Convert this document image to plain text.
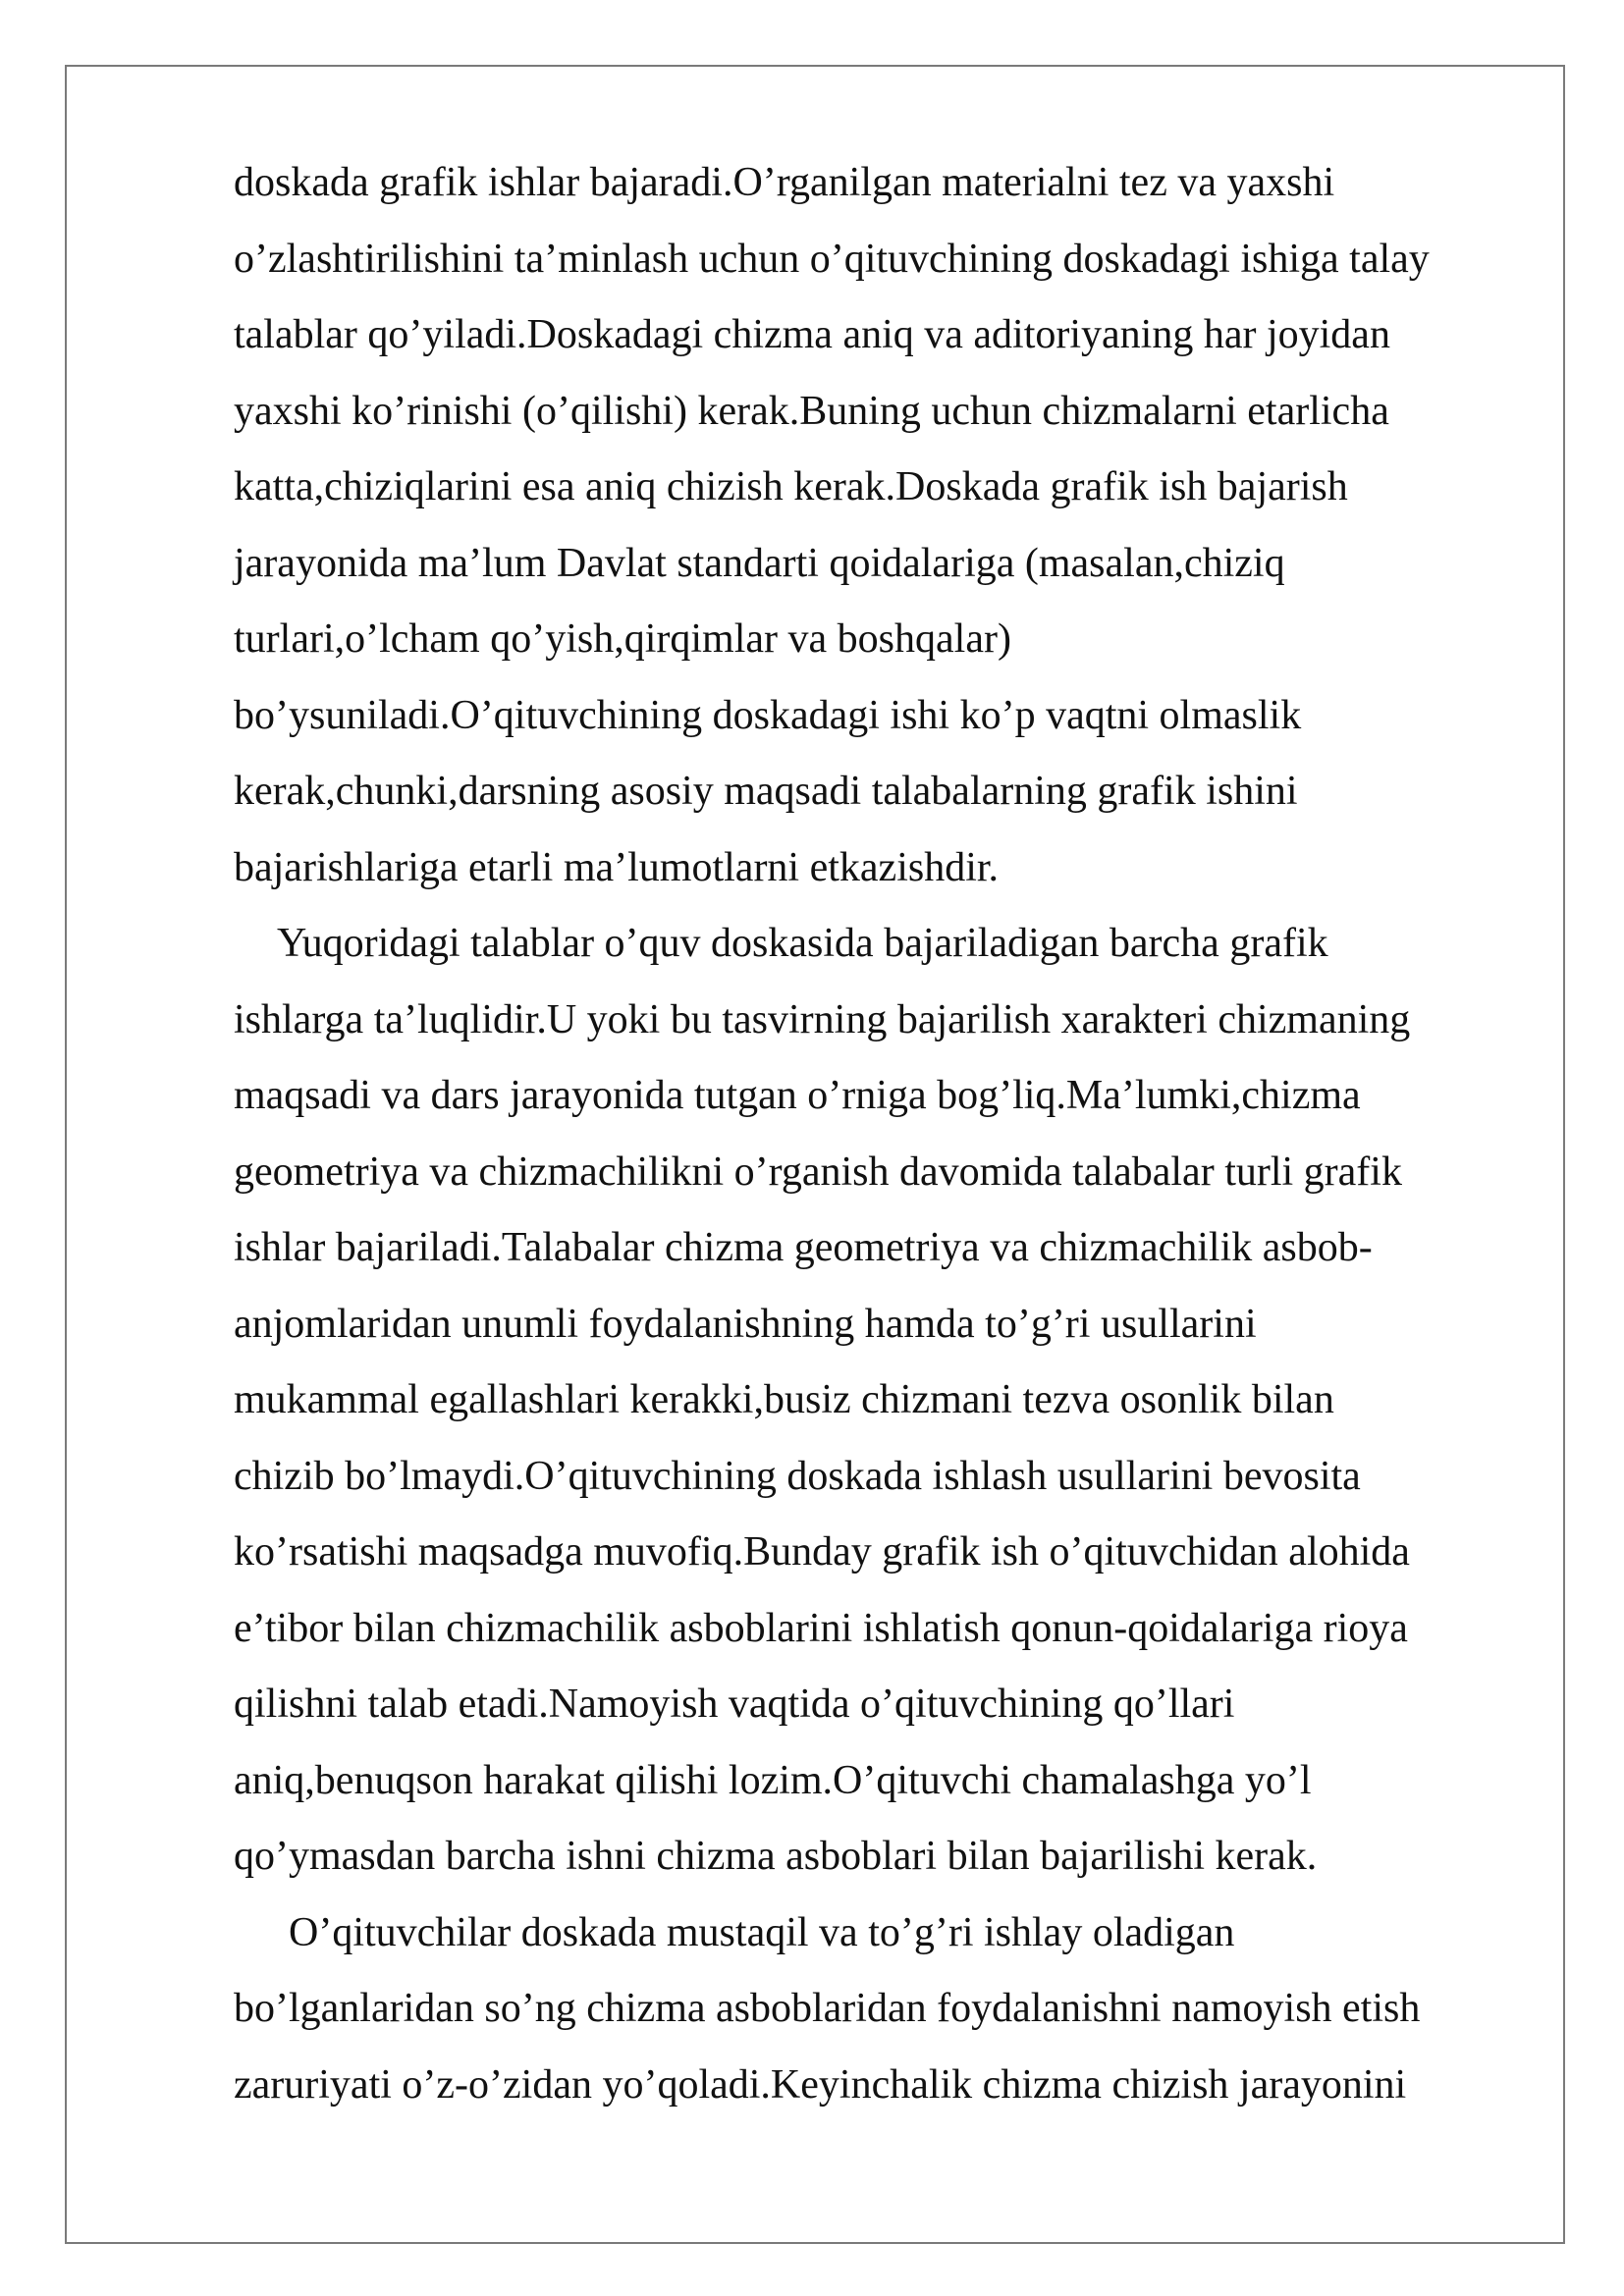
doskada grafik ishlar bajaradi.O’rganilgan materialni tez va yaxshi
o’zlashtirilishini ta’minlash uchun o’qituvchining doskadagi ishiga talay
talablar qo’yiladi.Doskadagi chizma aniq va aditoriyaning har joyidan
yaxshi ko’rinishi (o’qilishi) kerak.Buning uchun chizmalarni etarlicha
katta,chiziqlarini esa aniq chizish kerak.Doskada grafik ish bajarish
jarayonida ma’lum Davlat standarti qoidalariga (masalan,chiziq
turlari,o’lcham qo’yish,qirqimlar va boshqalar)
bo’ysuniladi.O’qituvchining doskadagi ishi ko’p vaqtni olmaslik
kerak,chunki,darsning asosiy maqsadi talabalarning grafik ishini
bajarishlariga etarli ma’lumotlarni etkazishdir.
Yuqoridagi talablar o’quv doskasida bajariladigan barcha grafik
ishlarga ta’luqlidir.U yoki bu tasvirning bajarilish xarakteri chizmaning
maqsadi va dars jarayonida tutgan o’rniga bog’liq.Ma’lumki,chizma
geometriya va chizmachilikni o’rganish davomida talabalar turli grafik
ishlar bajariladi.Talabalar chizma geometriya va chizmachilik asbob-
anjomlaridan unumli foydalanishning hamda to’g’ri usullarini
mukammal egallashlari kerakki,busiz chizmani tezva osonlik bilan
chizib bo’lmaydi.O’qituvchining doskada ishlash usullarini bevosita
ko’rsatishi maqsadga muvofiq.Bunday grafik ish o’qituvchidan alohida
e’tibor bilan chizmachilik asboblarini ishlatish qonun-qoidalariga rioya
qilishni talab etadi.Namoyish vaqtida o’qituvchining qo’llari
aniq,benuqson harakat qilishi lozim.O’qituvchi chamalashga yo’l
qo’ymasdan barcha ishni chizma asboblari bilan bajarilishi kerak.
O’qituvchilar doskada mustaqil va to’g’ri ishlay oladigan
bo’lganlaridan so’ng chizma asboblaridan foydalanishni namoyish etish
zaruriyati o’z-o’zidan yo’qoladi.Keyinchalik chizma chizish jarayonini
